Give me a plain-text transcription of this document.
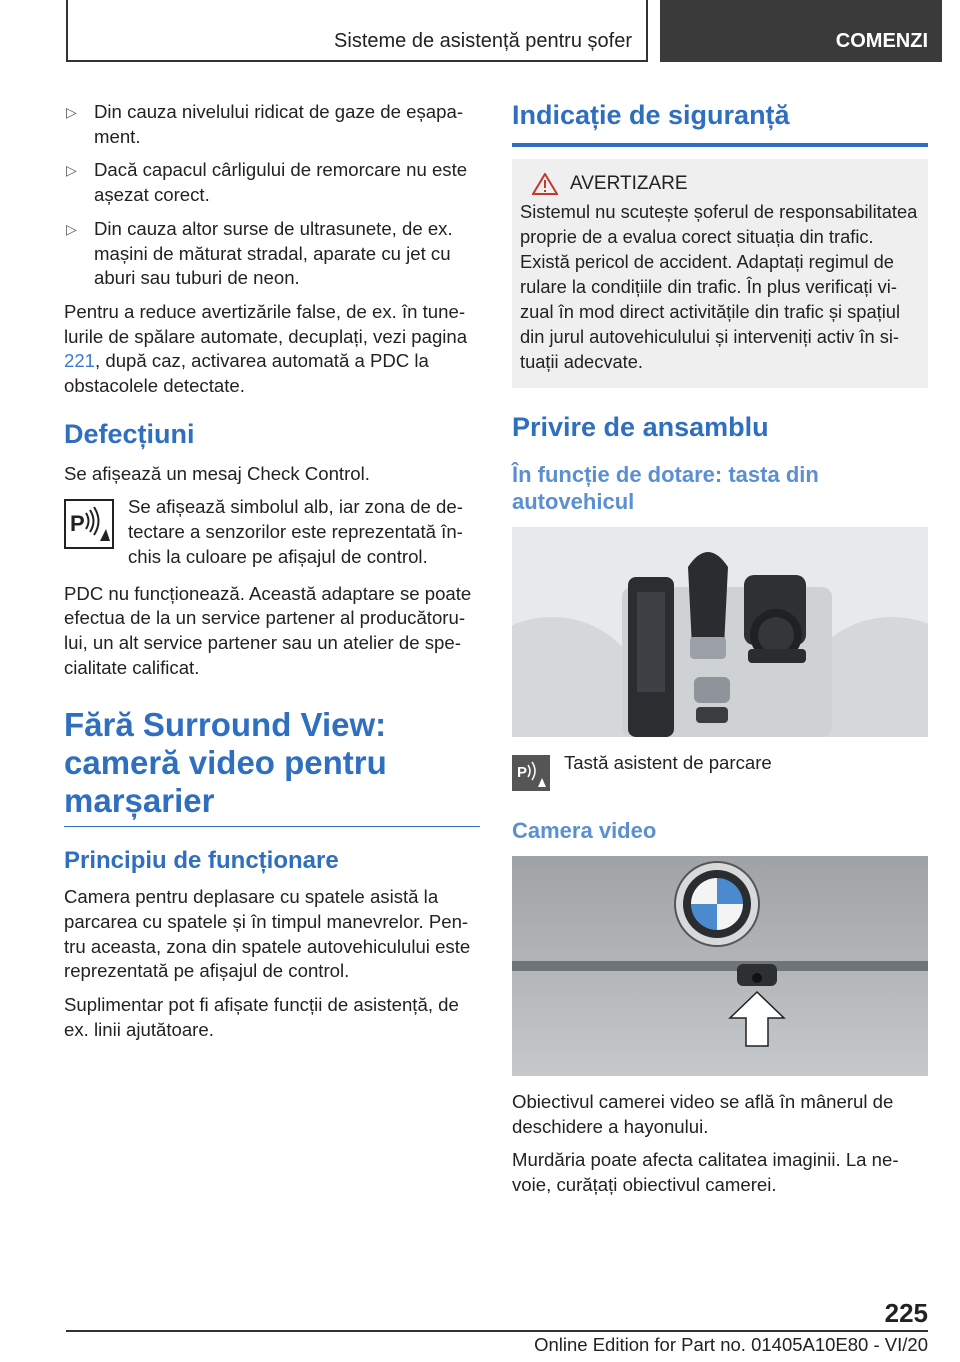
Sisteme de asistență pentru șofer	COMENZI
▷ Din cauza nivelului ridicat de gaze de eșapament.
▷ Dacă capacul cârligului de remorcare nu este așezat corect.
▷ Din cauza altor surse de ultrasunete, de ex. mașini de măturat stradal, aparate cu jet cu aburi sau tuburi de neon.

Pentru a reduce avertizările false, de ex. în tunelurile de spălare automate, decuplați, vezi pagina 221, după caz, activarea automată a PDC la obstacolele detectate.

Defecțiuni

Se afișează un mesaj Check Control.

P

Se afișează simbolul alb, iar zona de detectare a senzorilor este reprezentată închis la culoare pe afișajul de control.

PDC nu funcționează. Această adaptare se poate efectua de la un service partener al producătorului, un alt service partener sau un atelier de specialitate calificat.

Fără Surround View: cameră video pentru marșarier
Principiu de funcționare

Camera pentru deplasare cu spatele asistă la parcarea cu spatele și în timpul manevrelor. Pentru aceasta, zona din spatele autovehiculului este reprezentată pe afișajul de control.

Suplimentar pot fi afișate funcții de asistență, de ex. linii ajutătoare.

Indicație de siguranță
AVERTIZARE

Sistemul nu scutește șoferul de responsabilitatea proprie de a evalua corect situația din trafic. Există pericol de accident. Adaptați regimul de rulare la condițiile din trafic. În plus verificați vizual în mod direct activitățile din trafic și spațiul din jurul autovehiculului și interveniți activ în situații adecvate.

Privire de ansamblu
În funcție de dotare: tasta din autovehicul
P Tastă asistent de parcare

Camera video

Obiectivul camerei video se află în mânerul de deschidere a hayonului.

Murdăria poate afecta calitatea imaginii. La nevoie, curățați obiectivul camerei.

225
Online Edition for Part no. 01405A10E80 - VI/20
